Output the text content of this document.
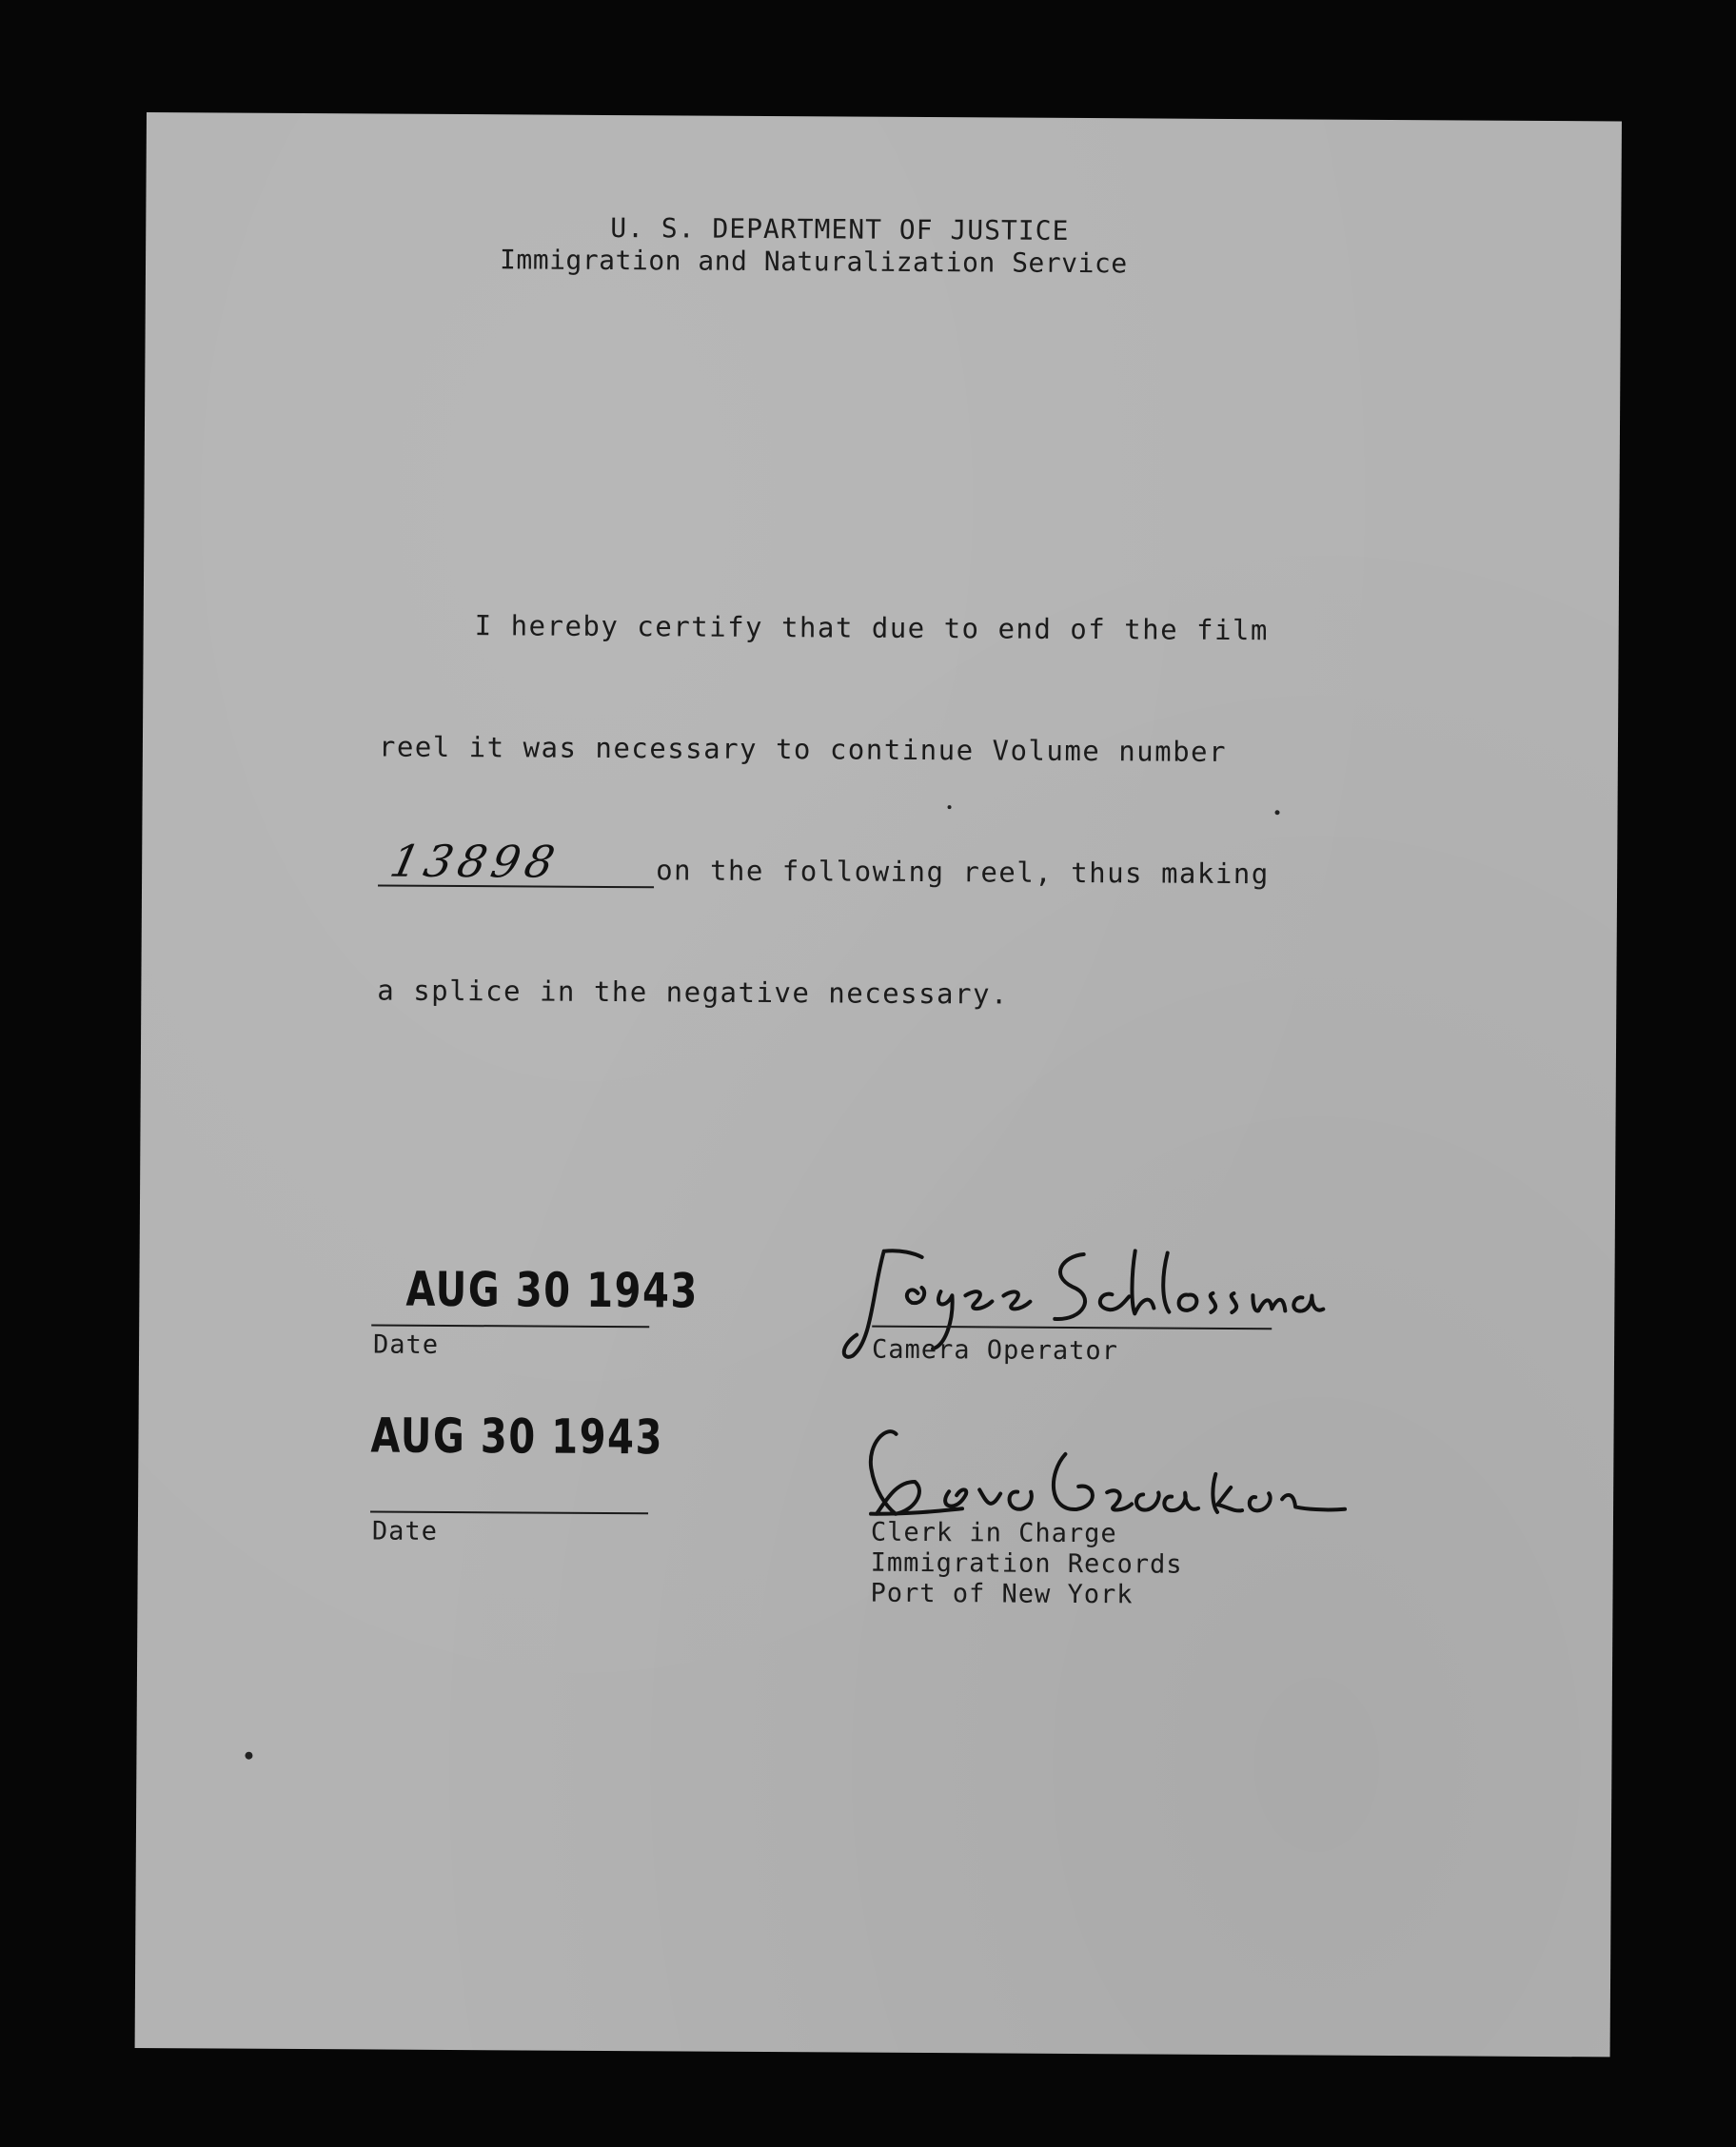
U. S. DEPARTMENT OF JUSTICE
Immigration and Naturalization Service
I hereby certify that due to end of the film
reel it was necessary to continue Volume number
13898	on the following reel, thus making
a splice in the negative necessary.
AUG 30 1943
Date	Camera Operator
AUG 30 1943
Date	Clerk in Charge
Immigration Records
Port of New York
